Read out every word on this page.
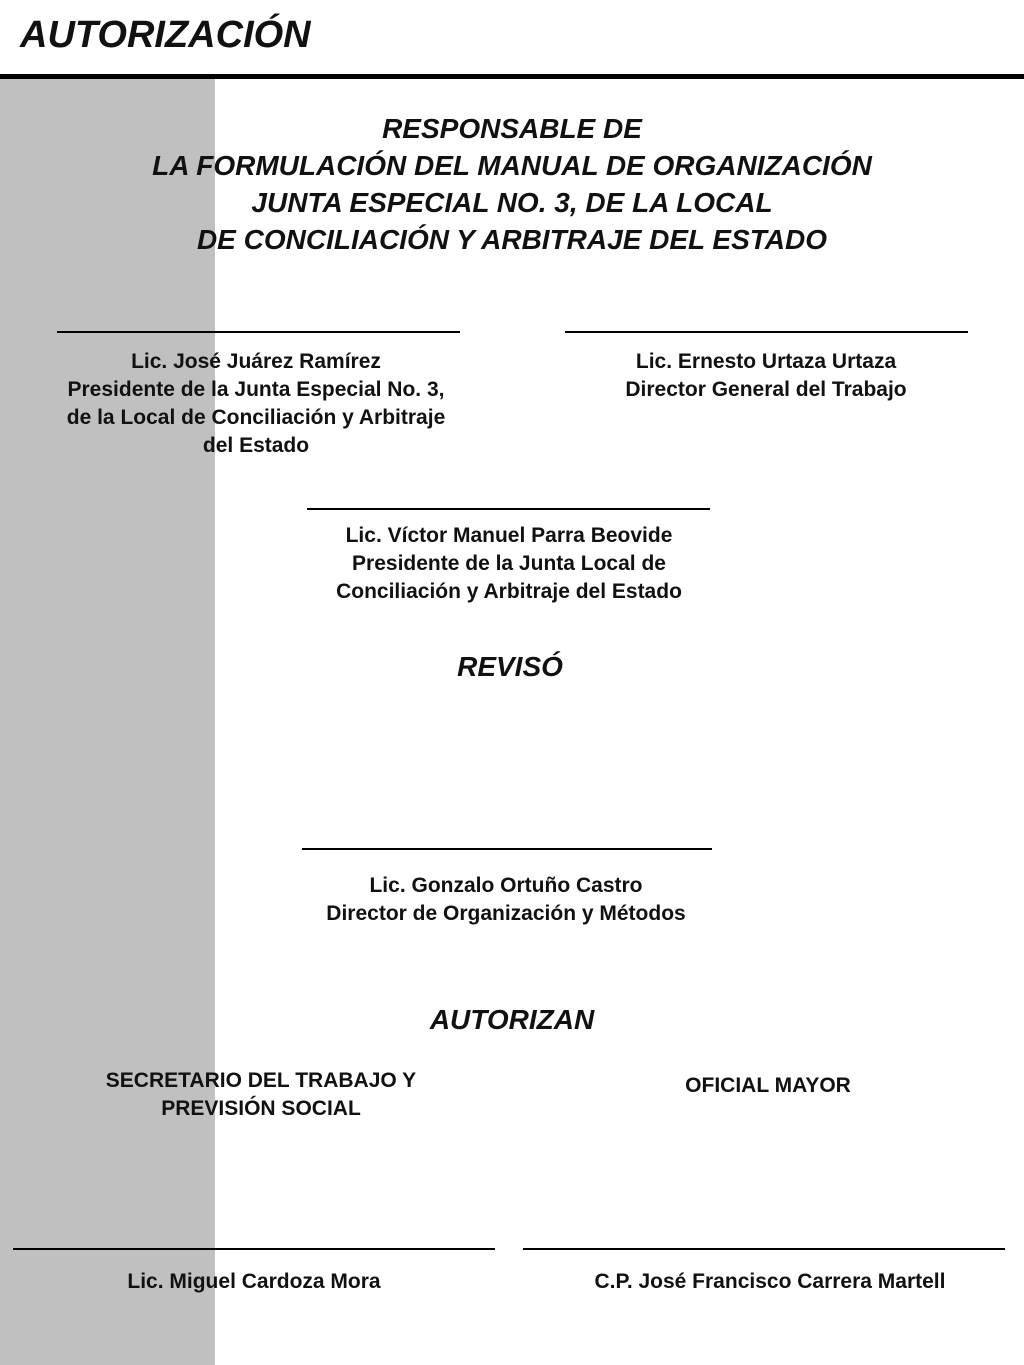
AUTORIZACIÓN
RESPONSABLE DE
LA FORMULACIÓN DEL MANUAL DE ORGANIZACIÓN
JUNTA ESPECIAL NO. 3, DE LA LOCAL
DE CONCILIACIÓN Y ARBITRAJE DEL ESTADO
Lic. José Juárez Ramírez
Presidente de la Junta Especial No. 3,
de la Local de Conciliación y Arbitraje
del Estado
Lic. Ernesto Urtaza Urtaza
Director General del Trabajo
Lic. Víctor Manuel Parra Beovide
Presidente de la Junta Local de
Conciliación y Arbitraje del Estado
REVISÓ
Lic. Gonzalo Ortuño Castro
Director de Organización y Métodos
AUTORIZAN
SECRETARIO DEL TRABAJO Y
PREVISIÓN SOCIAL
OFICIAL MAYOR
Lic. Miguel Cardoza Mora	C.P. José Francisco Carrera Martell
